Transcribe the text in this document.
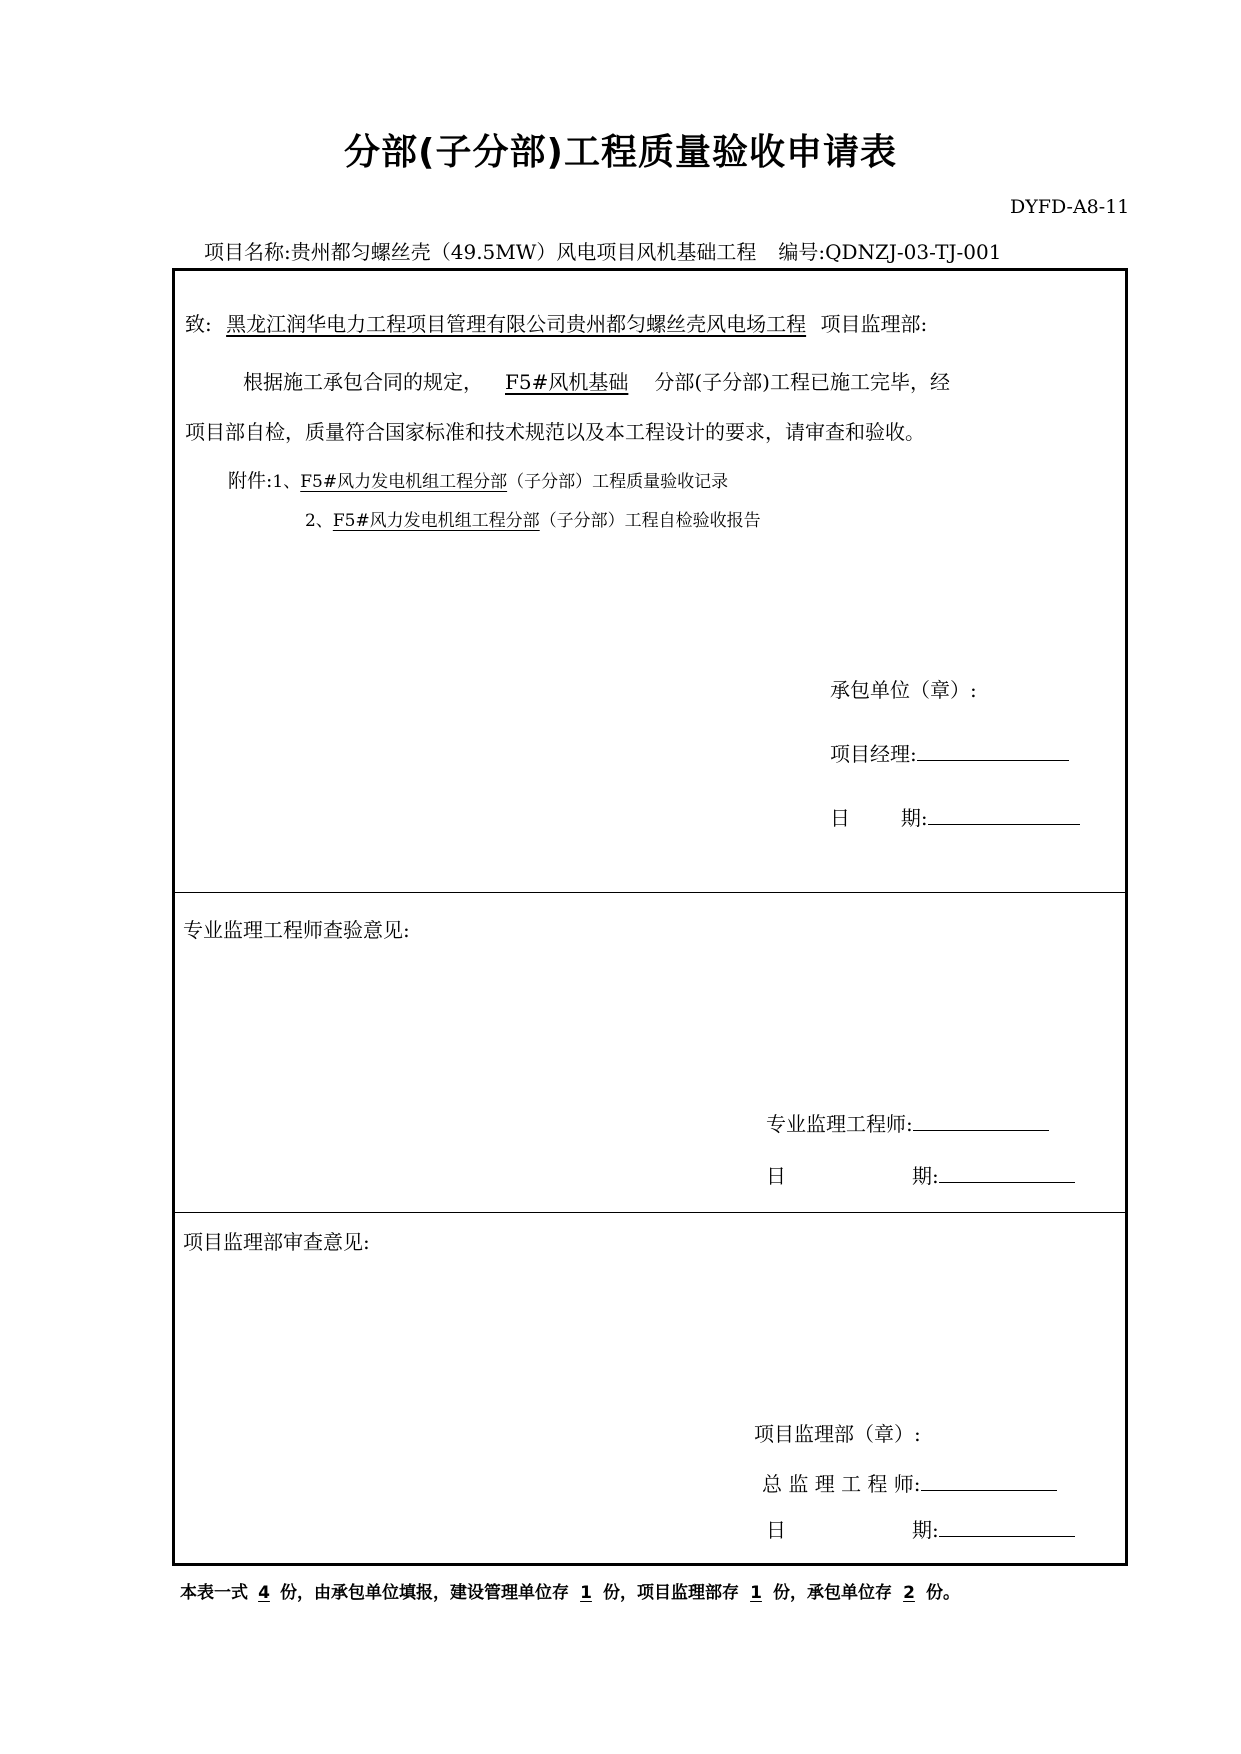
分部(子分部)工程质量验收申请表
DYFD-A8-11
项目名称:贵州都匀螺丝壳（49.5MW）风电项目风机基础工程 编号:QDNZJ-03-TJ-001
致: 黑龙江润华电力工程项目管理有限公司贵州都匀螺丝壳风电场工程 项目监理部:
根据施工承包合同的规定， F5#风机基础 分部(子分部)工程已施工完毕，经
项目部自检，质量符合国家标准和技术规范以及本工程设计的要求，请审查和验收。
附件:1、F5#风力发电机组工程分部（子分部）工程质量验收记录
2、F5#风力发电机组工程分部（子分部）工程自检验收报告
承包单位（章）:
项目经理:
日        期:
专业监理工程师查验意见:
专业监理工程师:
日	期:
项目监理部审查意见:
项目监理部（章）:
总 监 理 工 程 师:
日	期:
本表一式 4 份，由承包单位填报，建设管理单位存 1 份，项目监理部存 1 份，承包单位存 2 份。
